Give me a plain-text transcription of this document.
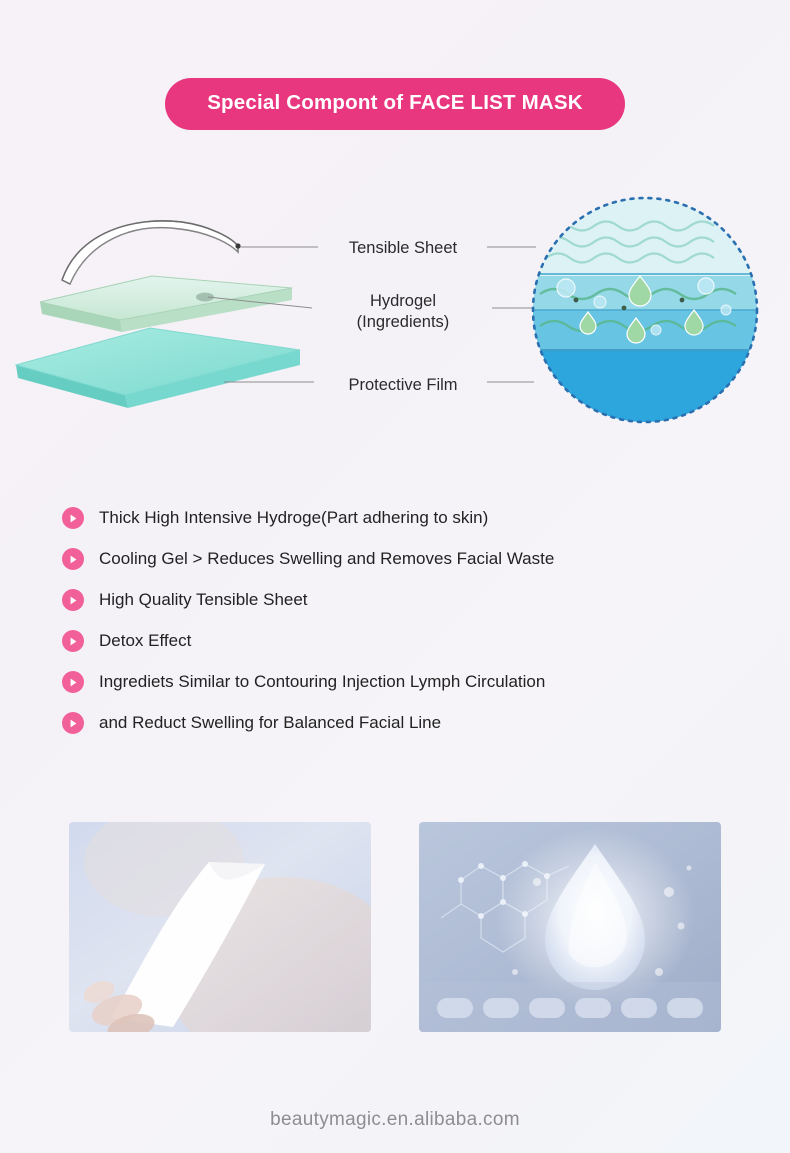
Special Compont of FACE LIST MASK
Tensible Sheet
Hydrogel
(Ingredients)
Protective Film
Thick High Intensive Hydroge(Part adhering to skin)
Cooling Gel > Reduces Swelling and Removes Facial Waste
High Quality Tensible Sheet
Detox Effect
Ingrediets Similar to Contouring Injection Lymph Circulation
and Reduct Swelling for Balanced Facial Line
beautymagic.en.alibaba.com
